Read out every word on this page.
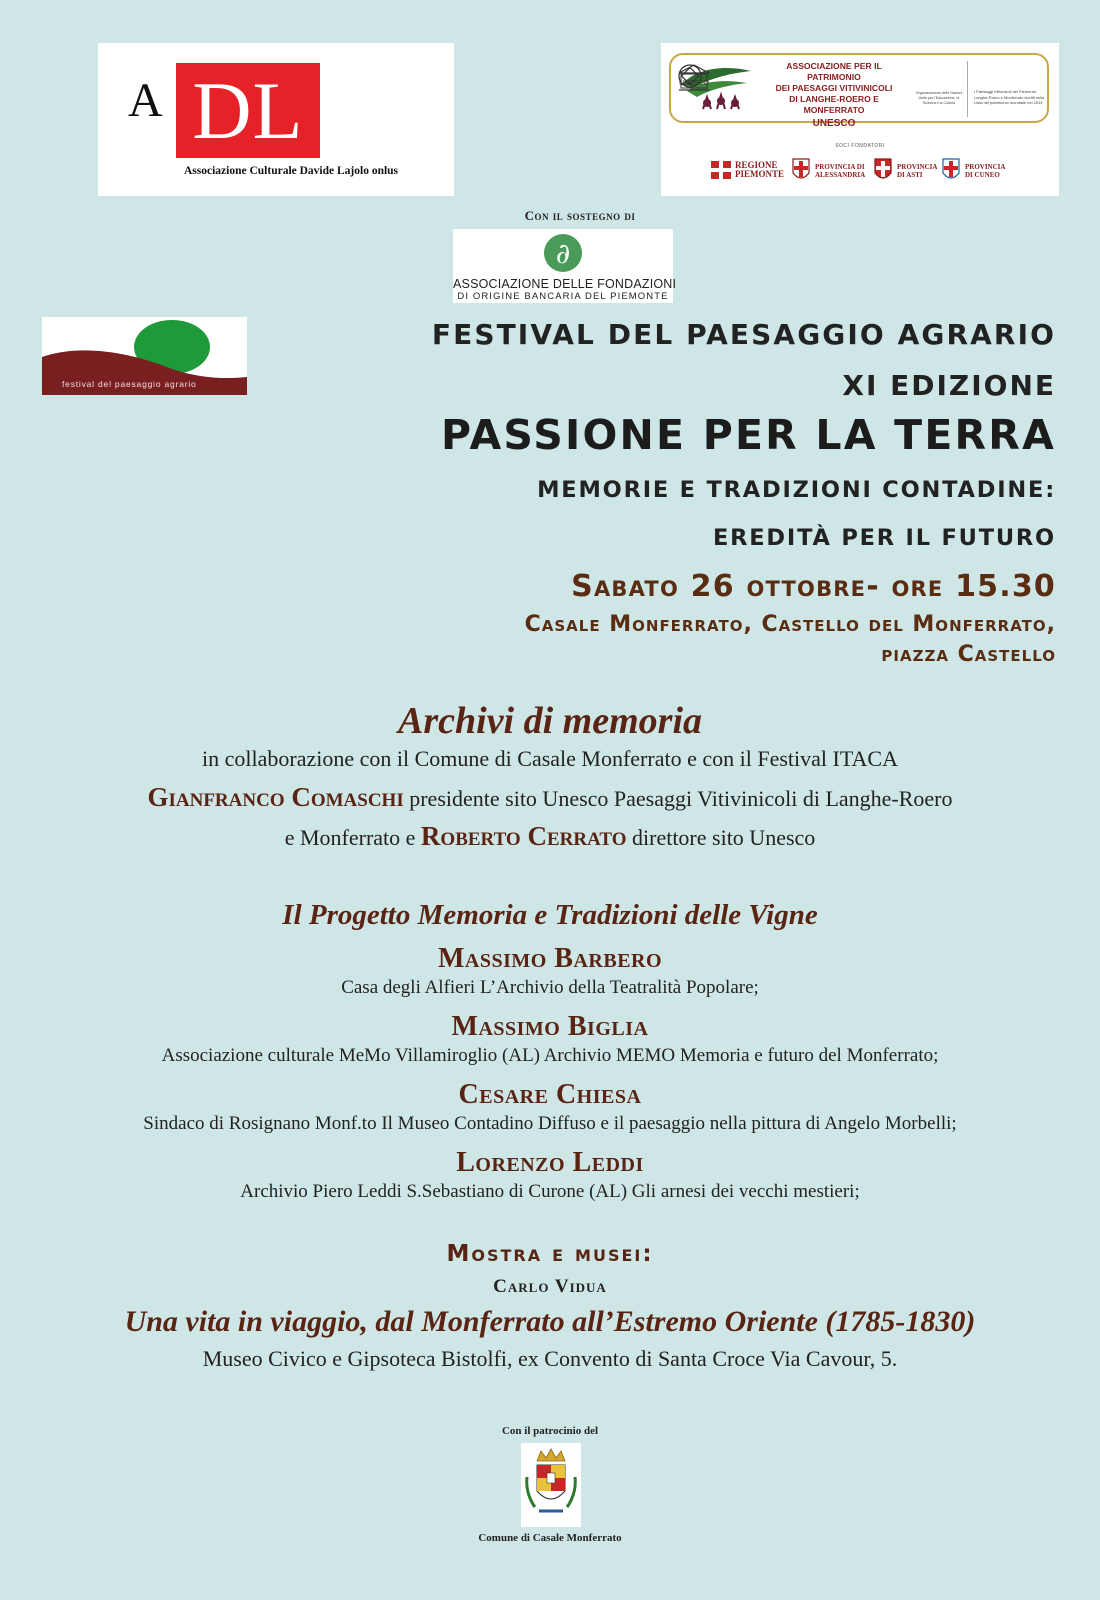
A DL
Associazione Culturale Davide Lajolo onlus
ASSOCIAZIONE PER IL PATRIMONIO
DEI PAESAGGI VITIVINICOLI
DI LANGHE-ROERO E MONFERRATO
UNESCO
UNESCO
Organizzazione delle Nazioni Unite per l'Educazione, la Scienza e la Cultura
I Paesaggi Vitivinicoli del Piemonte: Langhe-Roero e Monferrato iscritti nella Lista del patrimonio mondiale nel 2014
SOCI FONDATORI
REGIONE
PIEMONTE
PROVINCIA DI
ALESSANDRIA
PROVINCIA
DI ASTI
PROVINCIA
DI CUNEO
Con il sostegno di
∂
ASSOCIAZIONE DELLE FONDAZIONI
DI ORIGINE BANCARIA DEL PIEMONTE
festival del paesaggio agrario
FESTIVAL DEL PAESAGGIO AGRARIO
XI EDIZIONE
PASSIONE PER LA TERRA
MEMORIE E TRADIZIONI CONTADINE:
EREDITÀ PER IL FUTURO
Sabato 26 ottobre- ore 15.30
Casale Monferrato, Castello del Monferrato,
piazza Castello
Archivi di memoria
in collaborazione con il Comune di Casale Monferrato e con il Festival ITACA
Gianfranco Comaschi presidente sito Unesco Paesaggi Vitivinicoli di Langhe-Roero
e Monferrato e Roberto Cerrato direttore sito Unesco
Il Progetto Memoria e Tradizioni delle Vigne
Massimo Barbero
Casa degli Alfieri L’Archivio della Teatralità Popolare;
Massimo Biglia
Associazione culturale MeMo Villamiroglio (AL) Archivio MEMO Memoria e futuro del Monferrato;
Cesare Chiesa
Sindaco di Rosignano Monf.to Il Museo Contadino Diffuso e il paesaggio nella pittura di Angelo Morbelli;
Lorenzo Leddi
Archivio Piero Leddi S.Sebastiano di Curone (AL) Gli arnesi dei vecchi mestieri;
Mostra e musei:
Carlo Vidua
Una vita in viaggio, dal Monferrato all’Estremo Oriente (1785-1830)
Museo Civico e Gipsoteca Bistolfi, ex Convento di Santa Croce Via Cavour, 5.
Con il patrocinio del
Comune di Casale Monferrato
